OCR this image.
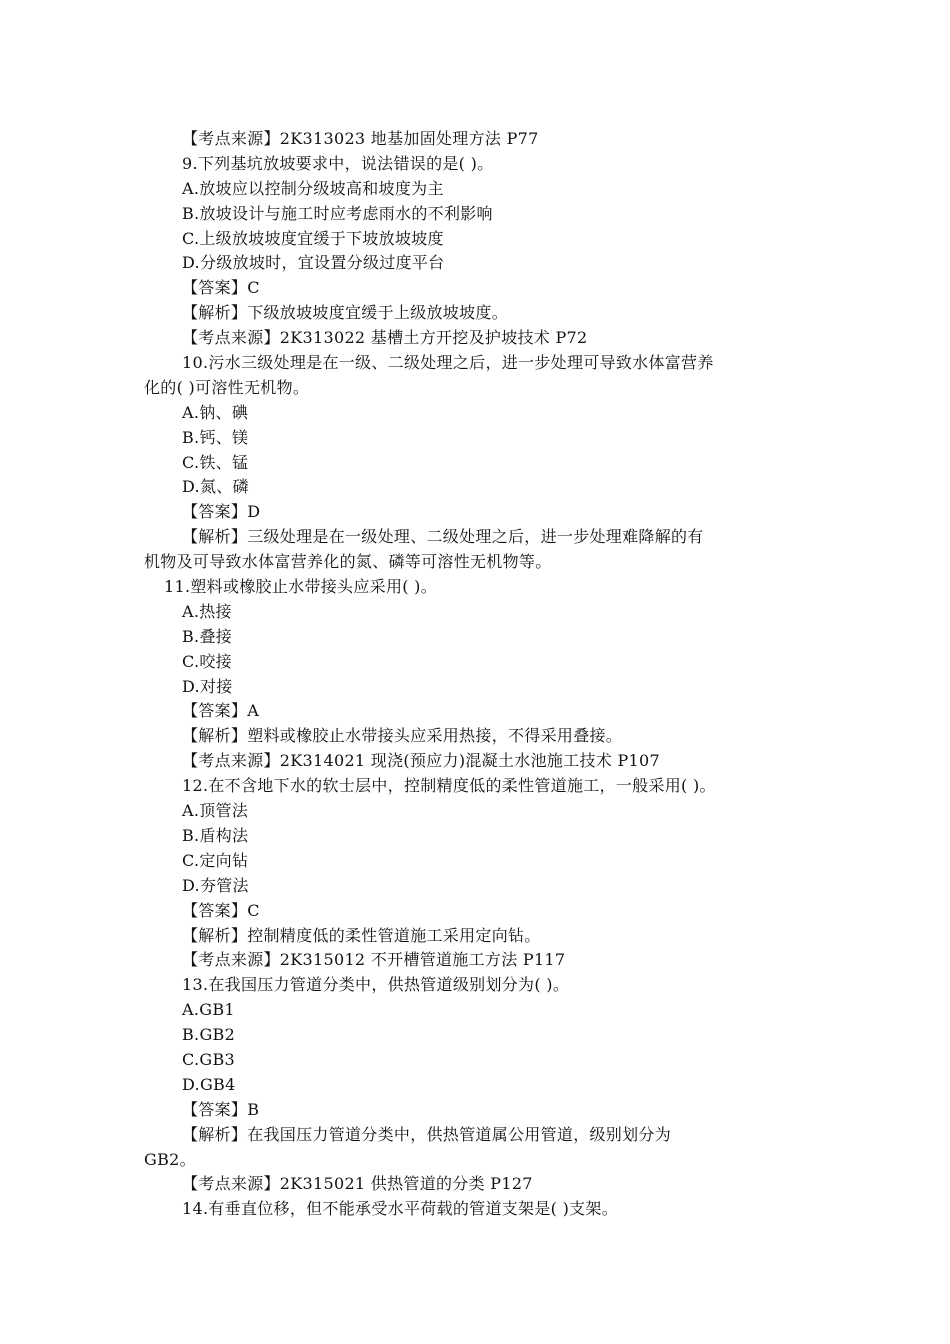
【考点来源】2K313023 地基加固处理方法 P77
9.下列基坑放坡要求中，说法错误的是( )。
A.放坡应以控制分级坡高和坡度为主
B.放坡设计与施工时应考虑雨水的不利影响
C.上级放坡坡度宜缓于下坡放坡坡度
D.分级放坡时，宜设置分级过度平台
【答案】C
【解析】下级放坡坡度宜缓于上级放坡坡度。
【考点来源】2K313022 基槽土方开挖及护坡技术 P72
10.污水三级处理是在一级、二级处理之后，进一步处理可导致水体富营养
化的( )可溶性无机物。
A.钠、碘
B.钙、镁
C.铁、锰
D.氮、磷
【答案】D
【解析】三级处理是在一级处理、二级处理之后，进一步处理难降解的有
机物及可导致水体富营养化的氮、磷等可溶性无机物等。
11.塑料或橡胶止水带接头应采用( )。
A.热接
B.叠接
C.咬接
D.对接
【答案】A
【解析】塑料或橡胶止水带接头应采用热接，不得采用叠接。
【考点来源】2K314021 现浇(预应力)混凝土水池施工技术 P107
12.在不含地下水的软士层中，控制精度低的柔性管道施工，一般采用( )。
A.顶管法
B.盾构法
C.定向钻
D.夯管法
【答案】C
【解析】控制精度低的柔性管道施工采用定向钻。
【考点来源】2K315012 不开槽管道施工方法 P117
13.在我国压力管道分类中，供热管道级别划分为( )。
A.GB1
B.GB2
C.GB3
D.GB4
【答案】B
【解析】在我国压力管道分类中，供热管道属公用管道，级别划分为
GB2。
【考点来源】2K315021 供热管道的分类 P127
14.有垂直位移，但不能承受水平荷载的管道支架是( )支架。
